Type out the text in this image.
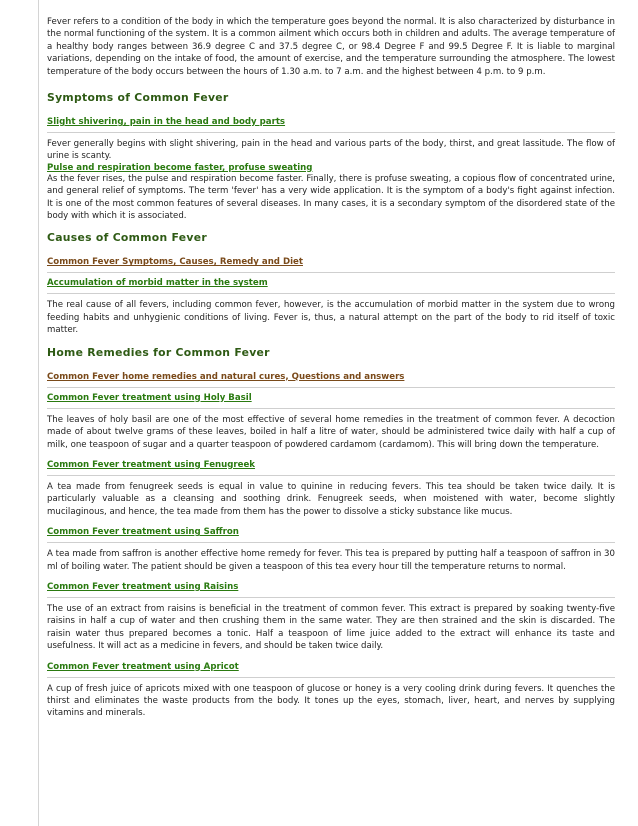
Fever refers to a condition of the body in which the temperature goes beyond the normal. It is also characterized by disturbance in the normal functioning of the system. It is a common ailment which occurs both in children and adults. The average temperature of a healthy body ranges between 36.9 degree C and 37.5 degree C, or 98.4 Degree F and 99.5 Degree F. It is liable to marginal variations, depending on the intake of food, the amount of exercise, and the temperature surrounding the atmosphere. The lowest temperature of the body occurs between the hours of 1.30 a.m. to 7 a.m. and the highest between 4 p.m. to 9 p.m.

Symptoms of Common Fever
Slight shivering, pain in the head and body parts

Fever generally begins with slight shivering, pain in the head and various parts of the body, thirst, and great lassitude. The flow of urine is scanty.

Pulse and respiration become faster, profuse sweating

As the fever rises, the pulse and respiration become faster. Finally, there is profuse sweating, a copious flow of concentrated urine, and general relief of symptoms. The term 'fever' has a very wide application. It is the symptom of a body's fight against infection. It is one of the most common features of several diseases. In many cases, it is a secondary symptom of the disordered state of the body with which it is associated.

Causes of Common Fever
Common Fever Symptoms, Causes, Remedy and Diet
Accumulation of morbid matter in the system

The real cause of all fevers, including common fever, however, is the accumulation of morbid matter in the system due to wrong feeding habits and unhygienic conditions of living. Fever is, thus, a natural attempt on the part of the body to rid itself of toxic matter.

Home Remedies for Common Fever
Common Fever home remedies and natural cures, Questions and answers
Common Fever treatment using Holy Basil

The leaves of holy basil are one of the most effective of several home remedies in the treatment of common fever. A decoction made of about twelve grams of these leaves, boiled in half a litre of water, should be administered twice daily with half a cup of milk, one teaspoon of sugar and a quarter teaspoon of powdered cardamom (cardamom). This will bring down the temperature.

Common Fever treatment using Fenugreek

A tea made from fenugreek seeds is equal in value to quinine in reducing fevers. This tea should be taken twice daily. It is particularly valuable as a cleansing and soothing drink. Fenugreek seeds, when moistened with water, become slightly mucilaginous, and hence, the tea made from them has the power to dissolve a sticky substance like mucus.

Common Fever treatment using Saffron

A tea made from saffron is another effective home remedy for fever. This tea is prepared by putting half a teaspoon of saffron in 30 ml of boiling water. The patient should be given a teaspoon of this tea every hour till the temperature returns to normal.

Common Fever treatment using Raisins

The use of an extract from raisins is beneficial in the treatment of common fever. This extract is prepared by soaking twenty-five raisins in half a cup of water and then crushing them in the same water. They are then strained and the skin is discarded. The raisin water thus prepared becomes a tonic. Half a teaspoon of lime juice added to the extract will enhance its taste and usefulness. It will act as a medicine in fevers, and should be taken twice daily.

Common Fever treatment using Apricot

A cup of fresh juice of apricots mixed with one teaspoon of glucose or honey is a very cooling drink during fevers. It quenches the thirst and eliminates the waste products from the body. It tones up the eyes, stomach, liver, heart, and nerves by supplying vitamins and minerals.
